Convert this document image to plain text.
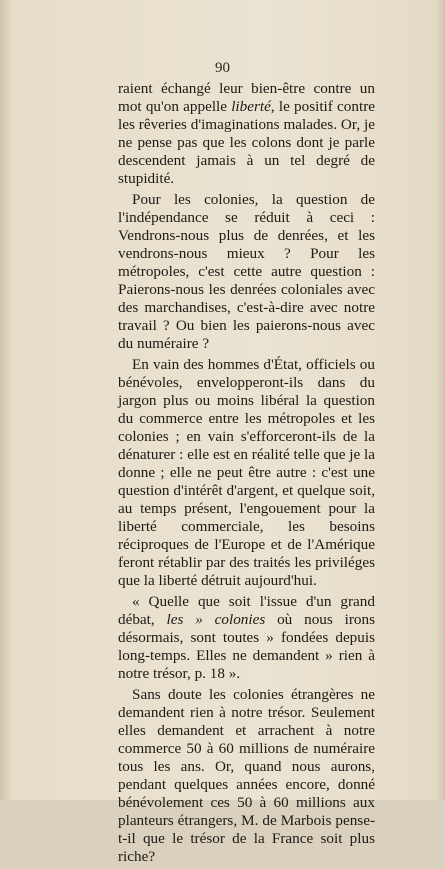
90

raient échangé leur bien-être contre un mot qu'on appelle liberté, le positif contre les rêveries d'imaginations malades. Or, je ne pense pas que les colons dont je parle descendent jamais à un tel degré de stupidité.

Pour les colonies, la question de l'indépendance se réduit à ceci : Vendrons-nous plus de denrées, et les vendrons-nous mieux ? Pour les métropoles, c'est cette autre question : Paierons-nous les denrées coloniales avec des marchandises, c'est-à-dire avec notre travail ? Ou bien les paierons-nous avec du numéraire ?

En vain des hommes d'État, officiels ou bénévoles, envelopperont-ils dans du jargon plus ou moins libéral la question du commerce entre les métropoles et les colonies ; en vain s'efforceront-ils de la dénaturer : elle est en réalité telle que je la donne ; elle ne peut être autre : c'est une question d'intérêt d'argent, et quelque soit, au temps présent, l'engouement pour la liberté commerciale, les besoins réciproques de l'Europe et de l'Amérique feront rétablir par des traités les priviléges que la liberté détruit aujourd'hui.

« Quelle que soit l'issue d'un grand débat, les » colonies où nous irons désormais, sont toutes » fondées depuis long-temps. Elles ne demandent » rien à notre trésor, p. 18 ».

Sans doute les colonies étrangères ne demandent rien à notre trésor. Seulement elles demandent et arrachent à notre commerce 50 à 60 millions de numéraire tous les ans. Or, quand nous aurons, pendant quelques années encore, donné bénévolement ces 50 à 60 millions aux planteurs étrangers, M. de Marbois pense-t-il que le trésor de la France soit plus riche?
